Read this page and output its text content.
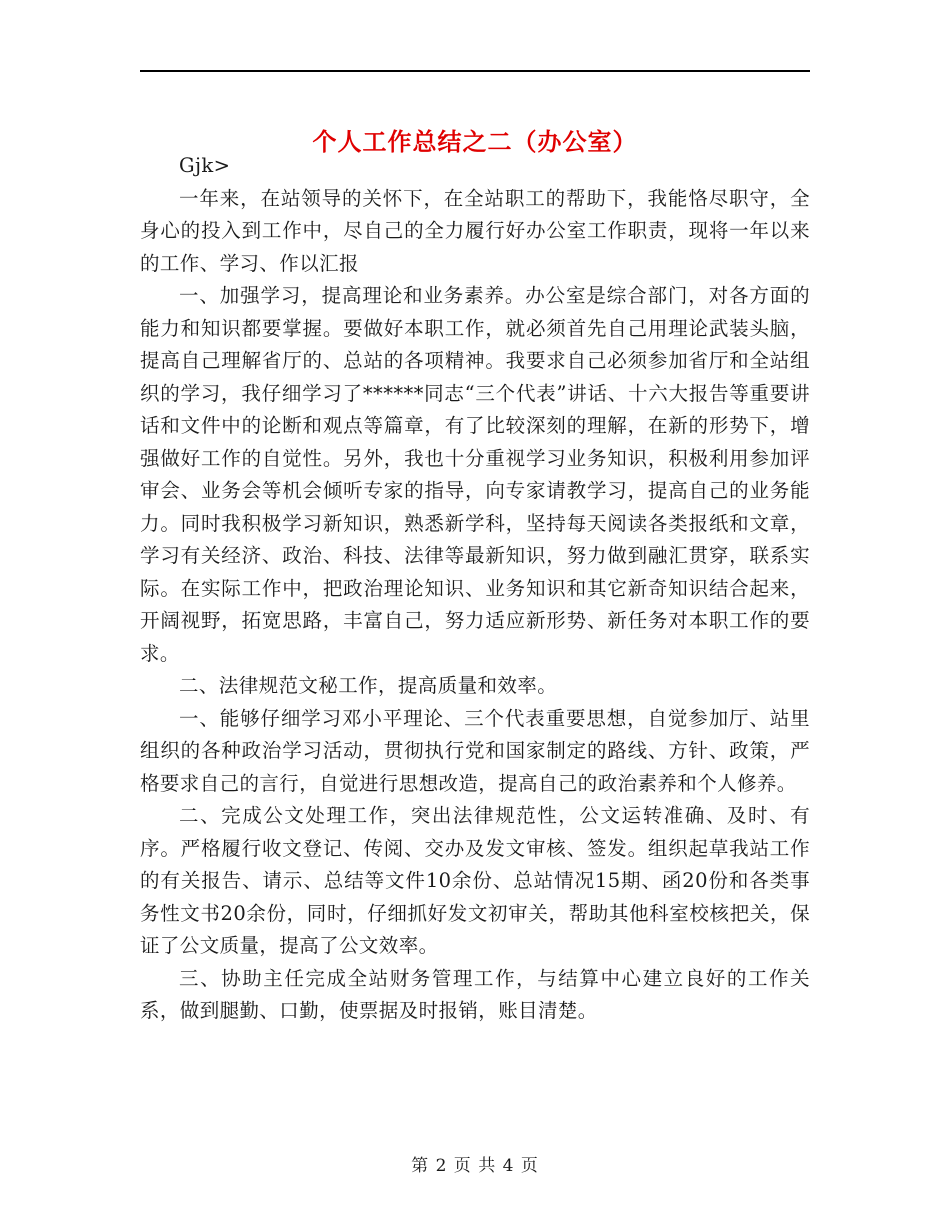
个人工作总结之二（办公室）

Gjk>

一年来，在站领导的关怀下，在全站职工的帮助下，我能恪尽职守，全身心的投入到工作中，尽自己的全力履行好办公室工作职责，现将一年以来的工作、学习、作以汇报

一、加强学习，提高理论和业务素养。办公室是综合部门，对各方面的能力和知识都要掌握。要做好本职工作，就必须首先自己用理论武装头脑，提高自己理解省厅的、总站的各项精神。我要求自己必须参加省厅和全站组织的学习，我仔细学习了******同志“三个代表”讲话、十六大报告等重要讲话和文件中的论断和观点等篇章，有了比较深刻的理解，在新的形势下，增强做好工作的自觉性。另外，我也十分重视学习业务知识，积极利用参加评审会、业务会等机会倾听专家的指导，向专家请教学习，提高自己的业务能力。同时我积极学习新知识，熟悉新学科，坚持每天阅读各类报纸和文章，学习有关经济、政治、科技、法律等最新知识，努力做到融汇贯穿，联系实际。在实际工作中，把政治理论知识、业务知识和其它新奇知识结合起来，开阔视野，拓宽思路，丰富自己，努力适应新形势、新任务对本职工作的要求。

二、法律规范文秘工作，提高质量和效率。

一、能够仔细学习邓小平理论、三个代表重要思想，自觉参加厅、站里组织的各种政治学习活动，贯彻执行党和国家制定的路线、方针、政策，严格要求自己的言行，自觉进行思想改造，提高自己的政治素养和个人修养。

二、完成公文处理工作，突出法律规范性，公文运转准确、及时、有序。严格履行收文登记、传阅、交办及发文审核、签发。组织起草我站工作的有关报告、请示、总结等文件10余份、总站情况15期、函20份和各类事务性文书20余份，同时，仔细抓好发文初审关，帮助其他科室校核把关，保证了公文质量，提高了公文效率。

三、协助主任完成全站财务管理工作，与结算中心建立良好的工作关系，做到腿勤、口勤，使票据及时报销，账目清楚。

第 2 页 共 4 页
